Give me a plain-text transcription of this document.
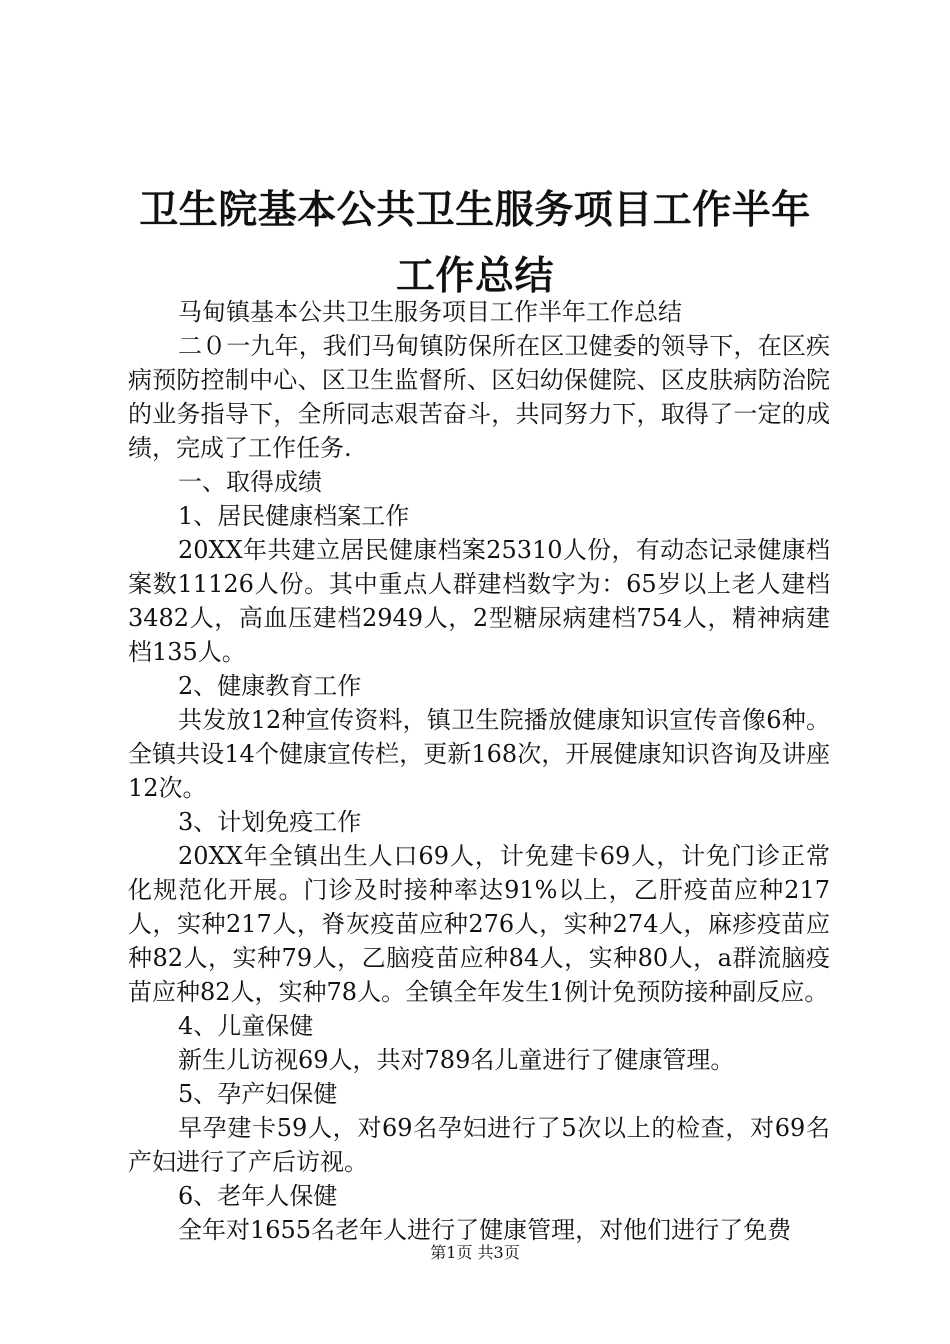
卫生院基本公共卫生服务项目工作半年工作总结

马甸镇基本公共卫生服务项目工作半年工作总结

二０一九年，我们马甸镇防保所在区卫健委的领导下，在区疾病预防控制中心、区卫生监督所、区妇幼保健院、区皮肤病防治院的业务指导下，全所同志艰苦奋斗，共同努力下，取得了一定的成绩，完成了工作任务.

一、取得成绩

1、居民健康档案工作

20XX年共建立居民健康档案25310人份，有动态记录健康档案数11126人份。其中重点人群建档数字为：65岁以上老人建档3482人，高血压建档2949人，2型糖尿病建档754人，精神病建档135人。

2、健康教育工作

共发放12种宣传资料，镇卫生院播放健康知识宣传音像6种。全镇共设14个健康宣传栏，更新168次，开展健康知识咨询及讲座12次。

3、计划免疫工作

20XX年全镇出生人口69人，计免建卡69人，计免门诊正常化规范化开展。门诊及时接种率达91%以上，乙肝疫苗应种217人，实种217人，脊灰疫苗应种276人，实种274人，麻疹疫苗应种82人，实种79人，乙脑疫苗应种84人，实种80人，a群流脑疫苗应种82人，实种78人。全镇全年发生1例计免预防接种副反应。

4、儿童保健

新生儿访视69人，共对789名儿童进行了健康管理。

5、孕产妇保健

早孕建卡59人，对69名孕妇进行了5次以上的检查，对69名产妇进行了产后访视。

6、老年人保健

全年对1655名老年人进行了健康管理，对他们进行了免费

第1页 共3页
